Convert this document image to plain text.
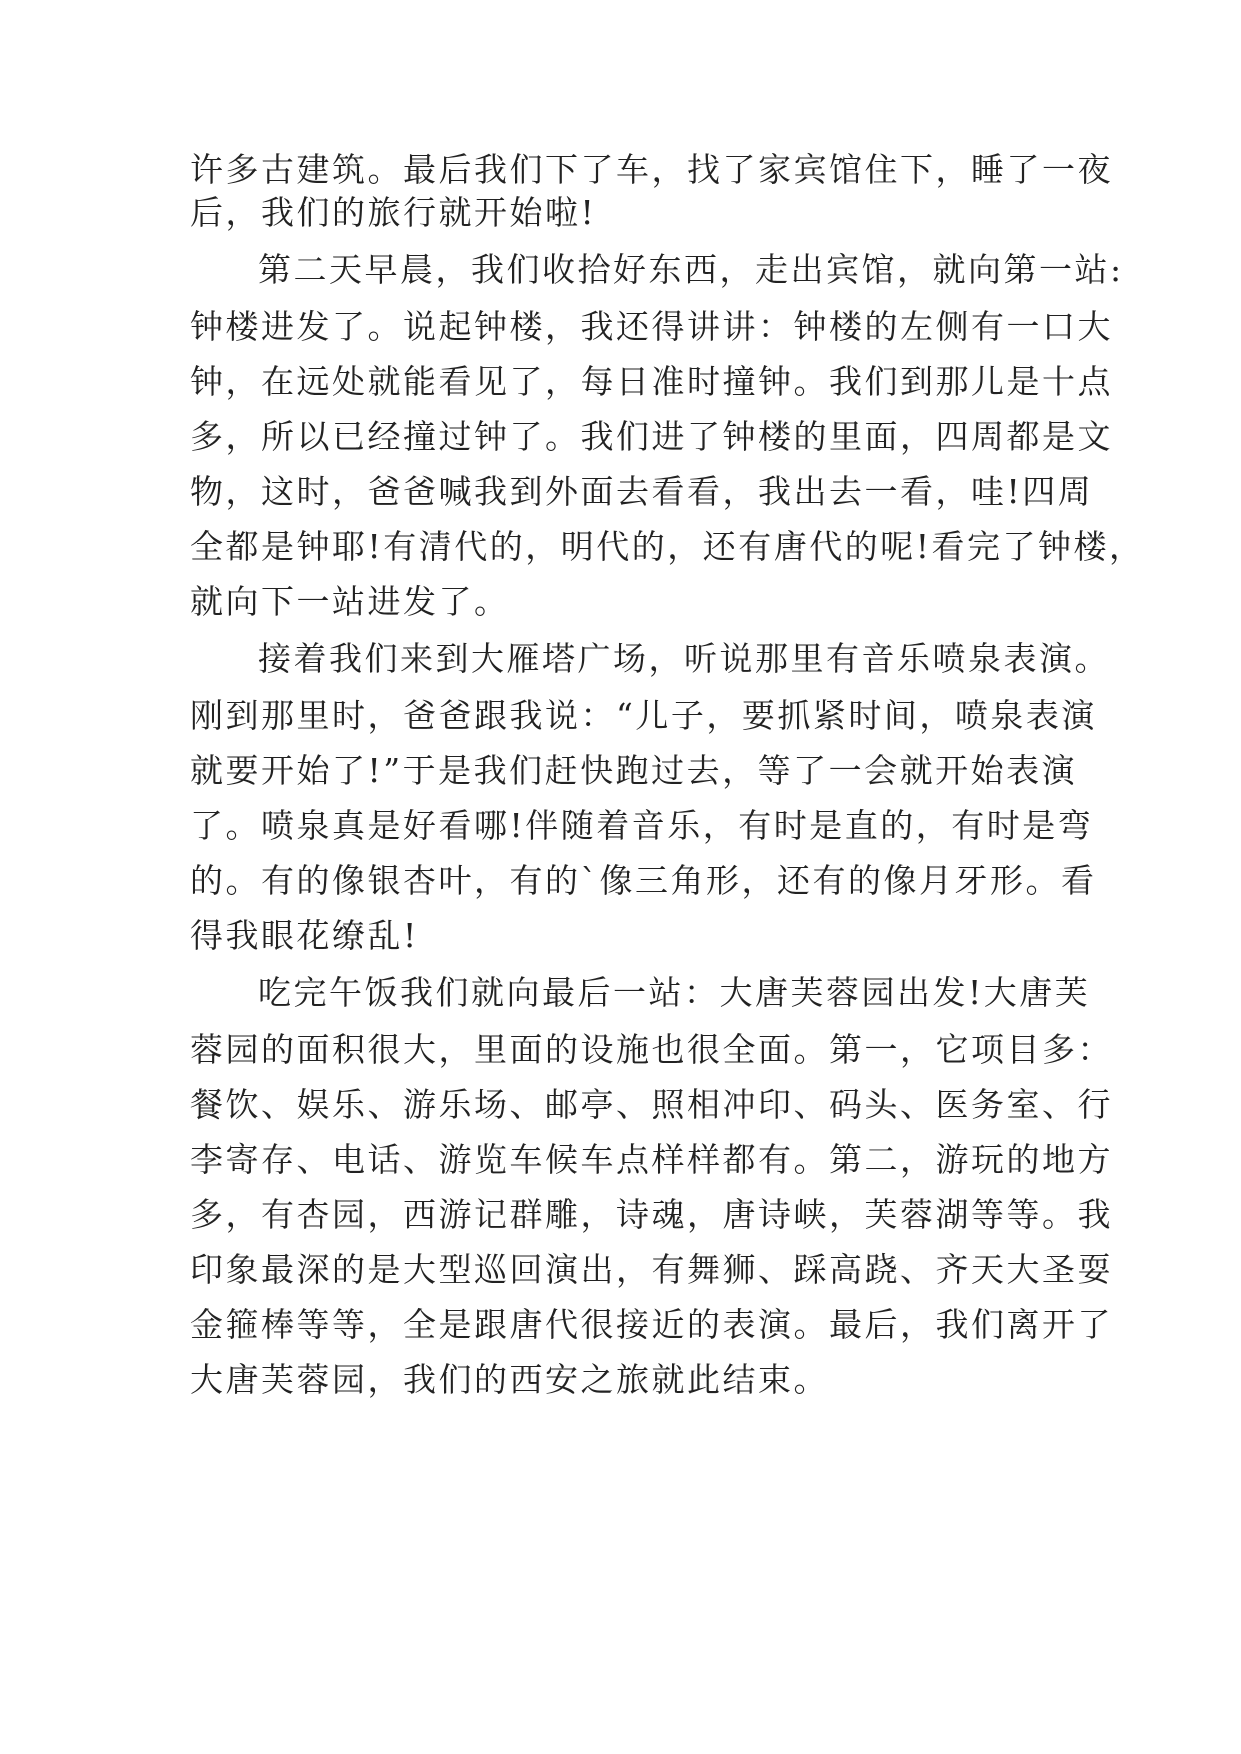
许多古建筑。最后我们下了车，找了家宾馆住下，睡了一夜
后，我们的旅行就开始啦!
第二天早晨，我们收拾好东西，走出宾馆，就向第一站:
钟楼进发了。说起钟楼，我还得讲讲：钟楼的左侧有一口大
钟，在远处就能看见了，每日准时撞钟。我们到那儿是十点
多，所以已经撞过钟了。我们进了钟楼的里面，四周都是文
物，这时，爸爸喊我到外面去看看，我出去一看，哇!四周
全都是钟耶!有清代的，明代的，还有唐代的呢!看完了钟楼，
就向下一站进发了。
接着我们来到大雁塔广场，听说那里有音乐喷泉表演。
刚到那里时，爸爸跟我说：“儿子，要抓紧时间，喷泉表演
就要开始了!”于是我们赶快跑过去，等了一会就开始表演
了。喷泉真是好看哪!伴随着音乐，有时是直的，有时是弯
的。有的像银杏叶，有的`像三角形，还有的像月牙形。看
得我眼花缭乱!
吃完午饭我们就向最后一站：大唐芙蓉园出发!大唐芙
蓉园的面积很大，里面的设施也很全面。第一，它项目多：
餐饮、娱乐、游乐场、邮亭、照相冲印、码头、医务室、行
李寄存、电话、游览车候车点样样都有。第二，游玩的地方
多，有杏园，西游记群雕，诗魂，唐诗峡，芙蓉湖等等。我
印象最深的是大型巡回演出，有舞狮、踩高跷、齐天大圣耍
金箍棒等等，全是跟唐代很接近的表演。最后，我们离开了
大唐芙蓉园，我们的西安之旅就此结束。
